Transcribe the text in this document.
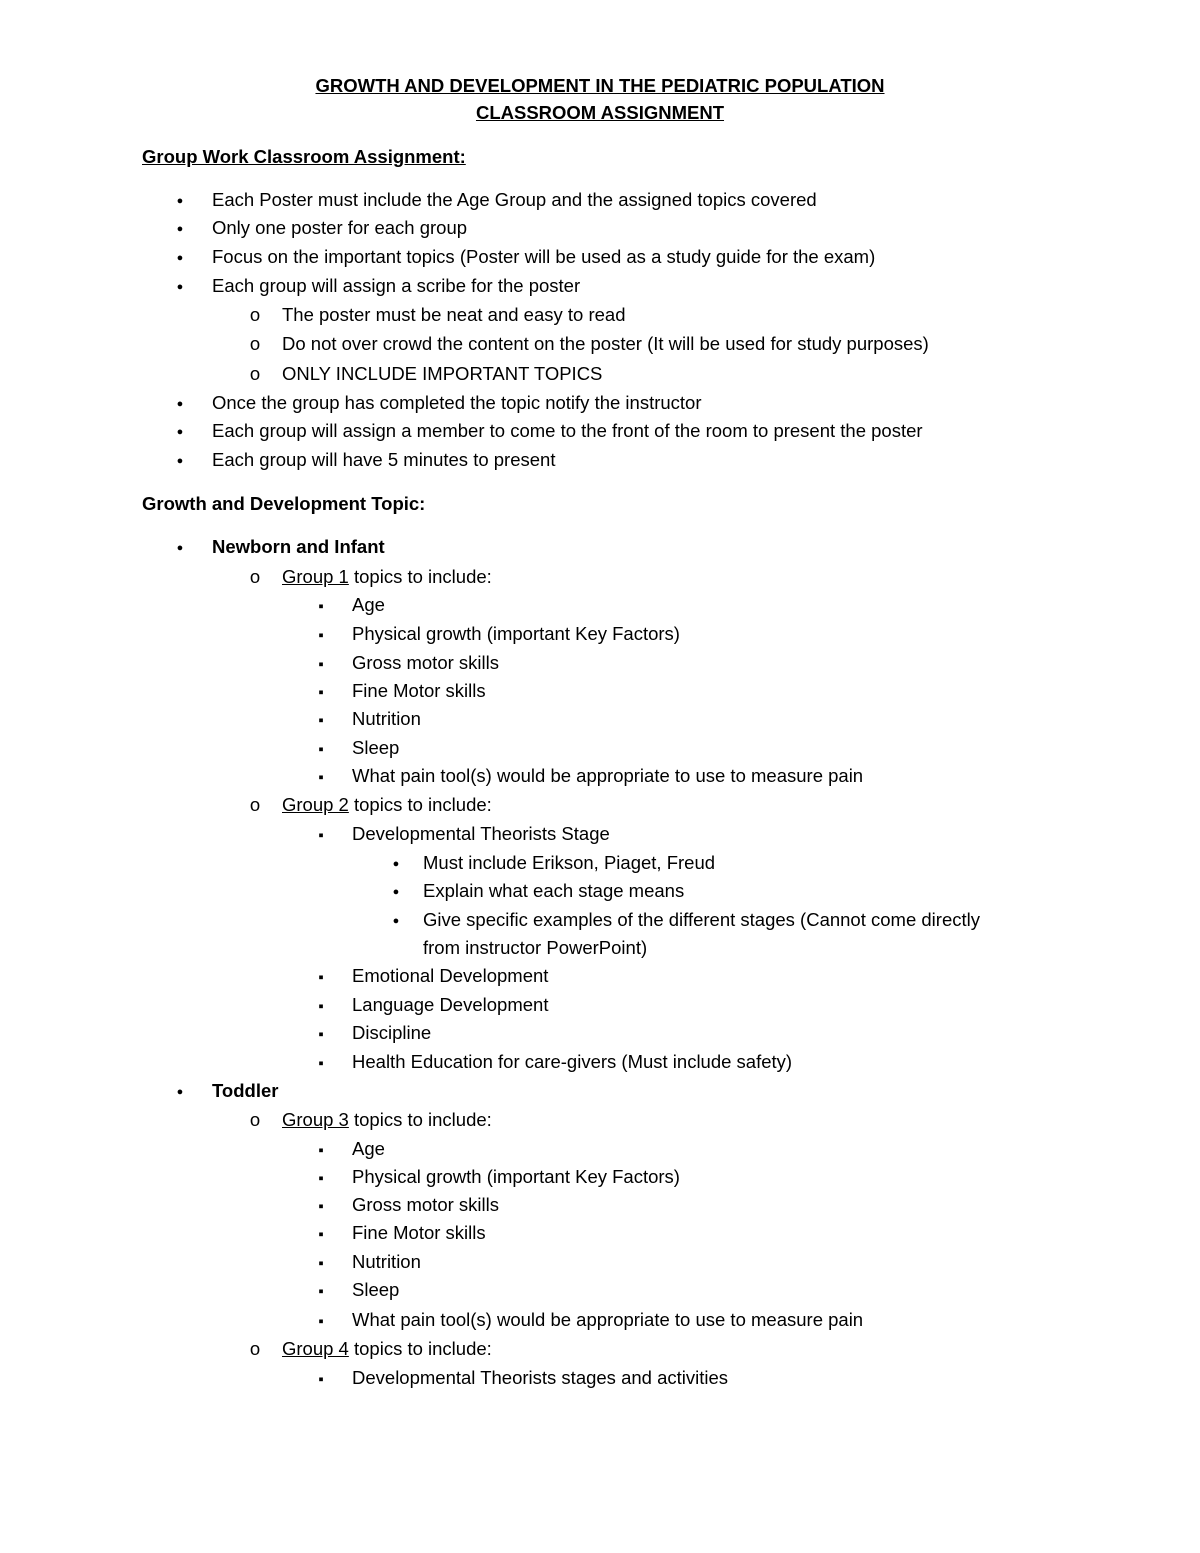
GROWTH AND DEVELOPMENT IN THE PEDIATRIC POPULATION
CLASSROOM ASSIGNMENT
Group Work Classroom Assignment:
●
Each Poster must include the Age Group and the assigned topics covered
●
Only one poster for each group
●
Focus on the important topics (Poster will be used as a study guide for the exam)
●
Each group will assign a scribe for the poster
o	The poster must be neat and easy to read
o	Do not over crowd the content on the poster (It will be used for study purposes)
o	ONLY INCLUDE IMPORTANT TOPICS
●
Once the group has completed the topic notify the instructor
●
Each group will assign a member to come to the front of the room to present the poster
●
Each group will have 5 minutes to present
Growth and Development Topic:
●
Newborn and Infant
o	Group 1 topics to include:
▪
Age
▪
Physical growth (important Key Factors)
▪
Gross motor skills
▪
Fine Motor skills
▪
Nutrition
▪
Sleep
▪
What pain tool(s) would be appropriate to use to measure pain
o	Group 2 topics to include:
▪
Developmental Theorists Stage
●
Must include Erikson, Piaget, Freud
●
Explain what each stage means
●
Give specific examples of the different stages (Cannot come directly
from instructor PowerPoint)
▪
Emotional Development
▪
Language Development
▪
Discipline
▪
Health Education for care-givers (Must include safety)
●
Toddler
o	Group 3 topics to include:
▪
Age
▪
Physical growth (important Key Factors)
▪
Gross motor skills
▪
Fine Motor skills
▪
Nutrition
▪
Sleep
▪
What pain tool(s) would be appropriate to use to measure pain
o	Group 4 topics to include:
▪
Developmental Theorists stages and activities
